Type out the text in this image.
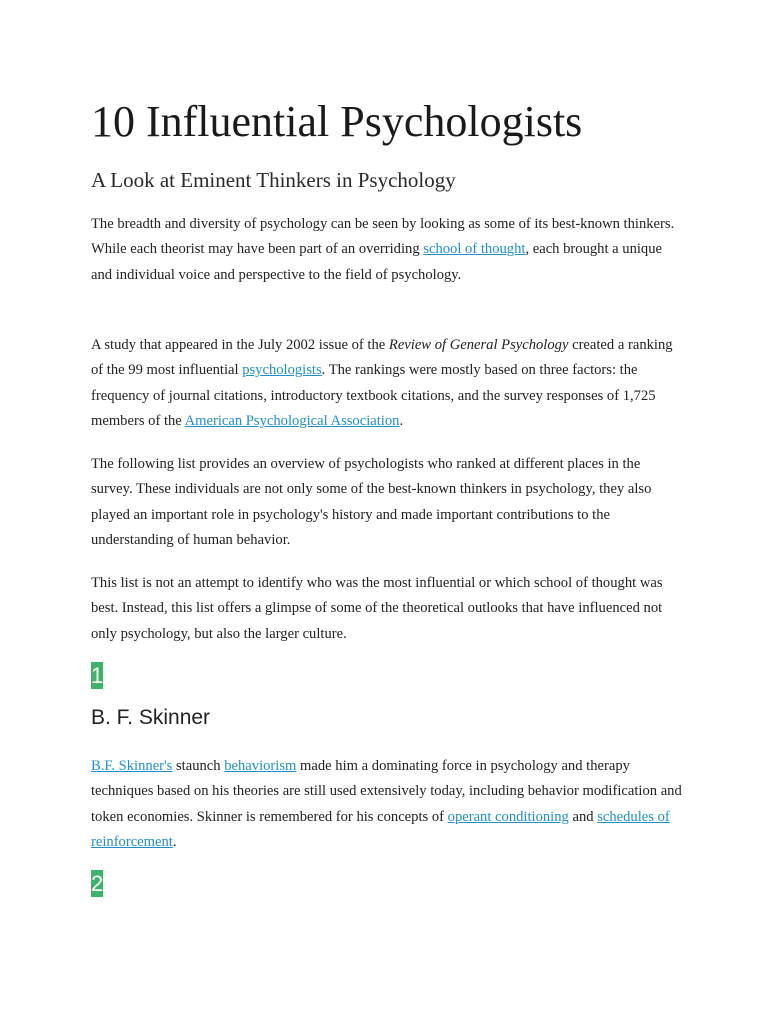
10 Influential Psychologists
A Look at Eminent Thinkers in Psychology

The breadth and diversity of psychology can be seen by looking as some of its best-known thinkers. While each theorist may have been part of an overriding school of thought, each brought a unique and individual voice and perspective to the field of psychology.

A study that appeared in the July 2002 issue of the Review of General Psychology created a ranking of the 99 most influential psychologists. The rankings were mostly based on three factors: the frequency of journal citations, introductory textbook citations, and the survey responses of 1,725 members of the American Psychological Association.

The following list provides an overview of psychologists who ranked at different places in the survey. These individuals are not only some of the best-known thinkers in psychology, they also played an important role in psychology's history and made important contributions to the understanding of human behavior.

This list is not an attempt to identify who was the most influential or which school of thought was best. Instead, this list offers a glimpse of some of the theoretical outlooks that have influenced not only psychology, but also the larger culture.

1
B. F. Skinner

B.F. Skinner's staunch behaviorism made him a dominating force in psychology and therapy techniques based on his theories are still used extensively today, including behavior modification and token economies. Skinner is remembered for his concepts of operant conditioning and schedules of reinforcement.

2
